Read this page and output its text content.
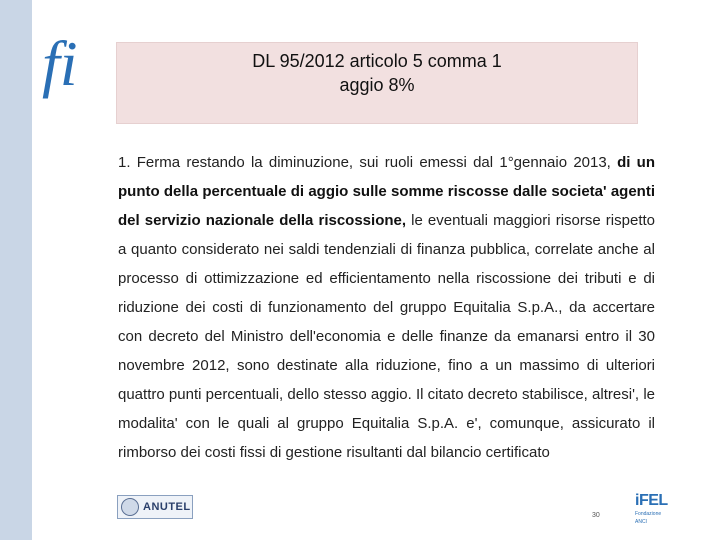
fi	DL 95/2012 articolo 5 comma 1
aggio 8%
1. Ferma restando la diminuzione, sui ruoli emessi dal 1°gennaio 2013, di un punto della percentuale di aggio sulle somme riscosse dalle societa' agenti del servizio nazionale della riscossione, le eventuali maggiori risorse rispetto a quanto considerato nei saldi tendenziali di finanza pubblica, correlate anche al processo di ottimizzazione ed efficientamento nella riscossione dei tributi e di riduzione dei costi di funzionamento del gruppo Equitalia S.p.A., da accertare con decreto del Ministro dell'economia e delle finanze da emanarsi entro il 30 novembre 2012, sono destinate alla riduzione, fino a un massimo di ulteriori quattro punti percentuali, dello stesso aggio. Il citato decreto stabilisce, altresi', le modalita' con le quali al gruppo Equitalia S.p.A. e', comunque, assicurato il rimborso dei costi fissi di gestione risultanti dal bilancio certificato
ANUTEL
30
iFEL
Fondazione ANCI
